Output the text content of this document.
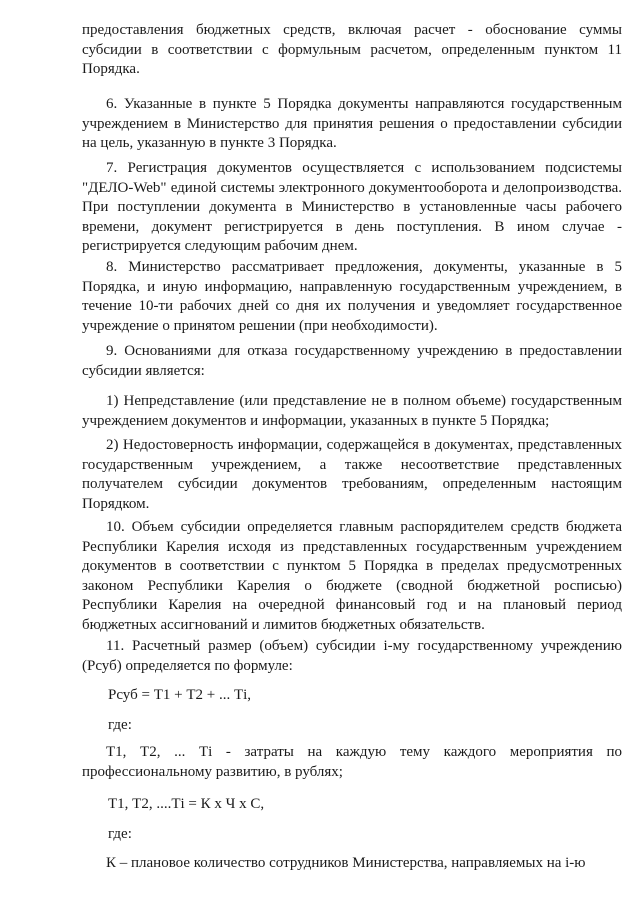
предоставления бюджетных средств, включая расчет - обоснование суммы субсидии в соответствии с формульным расчетом, определенным пунктом 11 Порядка.

6. Указанные в пункте 5 Порядка документы направляются государственным учреждением в Министерство для принятия решения о предоставлении субсидии на цель, указанную в пункте 3 Порядка.

7. Регистрация документов осуществляется с использованием подсистемы "ДЕЛО-Web" единой системы электронного документооборота и делопроизводства. При поступлении документа в Министерство в установленные часы рабочего времени, документ регистрируется в день поступления. В ином случае - регистрируется следующим рабочим днем.

8. Министерство рассматривает предложения, документы, указанные в 5 Порядка, и иную информацию, направленную государственным учреждением, в течение 10-ти рабочих дней со дня их получения и уведомляет государственное учреждение о принятом решении (при необходимости).

9. Основаниями для отказа государственному учреждению в предоставлении субсидии является:

1) Непредставление (или представление не в полном объеме) государственным учреждением документов и информации, указанных в пункте 5 Порядка;

2) Недостоверность информации, содержащейся в документах, представленных государственным учреждением, а также несоответствие представленных получателем субсидии документов требованиям, определенным настоящим Порядком.

10. Объем субсидии определяется главным распорядителем средств бюджета Республики Карелия исходя из представленных государственным учреждением документов в соответствии с пунктом 5 Порядка в пределах предусмотренных законом Республики Карелия о бюджете (сводной бюджетной росписью) Республики Карелия на очередной финансовый год и на плановый период бюджетных ассигнований и лимитов бюджетных обязательств.

11. Расчетный размер (объем) субсидии i-му государственному учреждению (Рсуб) определяется по формуле:

Рсуб = Т1 + Т2 + ... Тi,

где:

Т1, Т2, ... Тi - затраты на каждую тему каждого мероприятия по профессиональному развитию, в рублях;

Т1, Т2, ....Тi = К х Ч х С,

где:

К – плановое количество сотрудников Министерства, направляемых на i-ю
